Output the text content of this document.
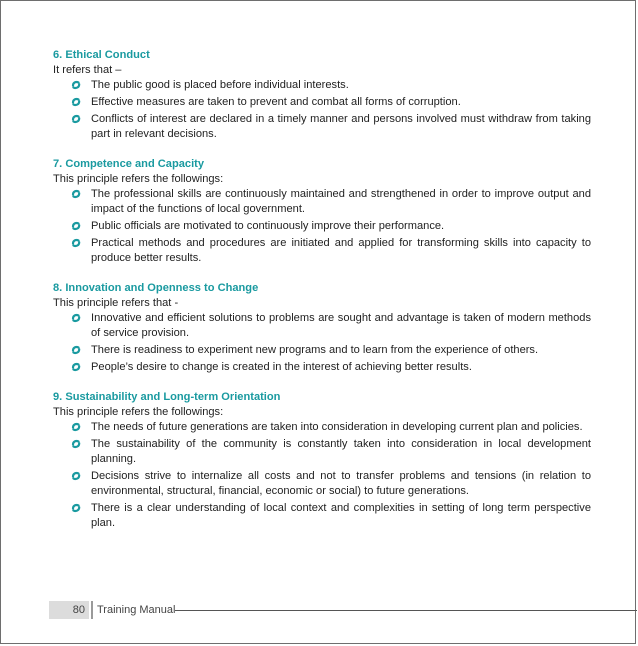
6. Ethical Conduct

It refers that –

The public good is placed before individual interests.
Effective measures are taken to prevent and combat all forms of corruption.
Conflicts of interest are declared in a timely manner and persons involved must withdraw from taking part in relevant decisions.

7. Competence and Capacity

This principle refers the followings:

The professional skills are continuously maintained and strengthened in order to improve output and impact of the functions of local government.
Public officials are motivated to continuously improve their performance.
Practical methods and procedures are initiated and applied for transforming skills into capacity to produce better results.

8. Innovation and Openness to Change

This principle refers that -

Innovative and efficient solutions to problems are sought and advantage is taken of modern methods of service provision.
There is readiness to experiment new programs and to learn from the experience of others.
People’s desire to change is created in the interest of achieving better results.

9. Sustainability and Long-term Orientation

This principle refers the followings:

The needs of future generations are taken into consideration in developing current plan and policies.
The sustainability of the community is constantly taken into consideration in local development planning.
Decisions strive to internalize all costs and not to transfer problems and tensions (in relation to environmental, structural, financial, economic or social) to future generations.
There is a clear understanding of local context and complexities in setting of long term perspective plan.
80	Training Manual
